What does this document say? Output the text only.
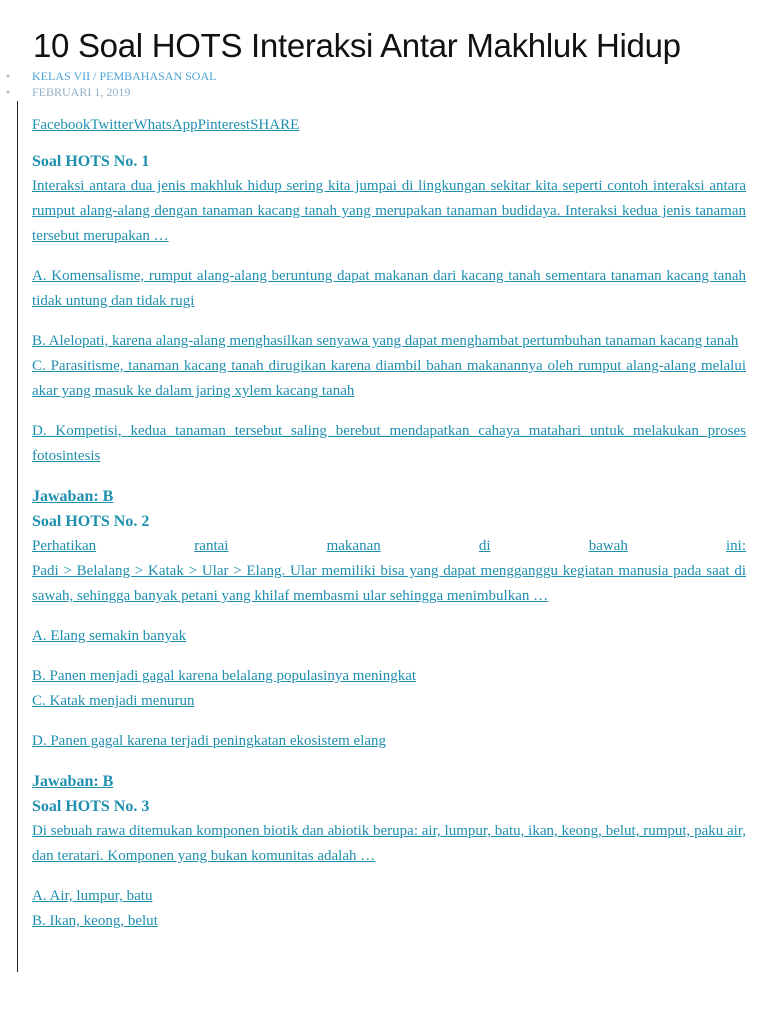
10 Soal HOTS Interaksi Antar Makhluk Hidup
• KELAS VII / PEMBAHASAN SOAL
• FEBRUARI 1, 2019
FacebookTwitterWhatsAppPinterestSHARE
Soal HOTS No. 1

Interaksi antara dua jenis makhluk hidup sering kita jumpai di lingkungan sekitar kita seperti contoh interaksi antara rumput alang-alang dengan tanaman kacang tanah yang merupakan tanaman budidaya. Interaksi kedua jenis tanaman tersebut merupakan …

A. Komensalisme, rumput alang-alang beruntung dapat makanan dari kacang tanah sementara tanaman kacang tanah tidak untung dan tidak rugi

B. Alelopati, karena alang-alang menghasilkan senyawa yang dapat menghambat pertumbuhan tanaman kacang tanah

C. Parasitisme, tanaman kacang tanah dirugikan karena diambil bahan makanannya oleh rumput alang-alang melalui akar yang masuk ke dalam jaring xylem kacang tanah

D. Kompetisi, kedua tanaman tersebut saling berebut mendapatkan cahaya matahari untuk melakukan proses fotosintesis

Jawaban: B
Soal HOTS No. 2
Perhatikan	rantai	makanan	di	bawah	ini:

Padi > Belalang > Katak > Ular > Elang. Ular memiliki bisa yang dapat mengganggu kegiatan manusia pada saat di sawah, sehingga banyak petani yang khilaf membasmi ular sehingga menimbulkan …

A. Elang semakin banyak

B. Panen menjadi gagal karena belalang populasinya meningkat

C. Katak menjadi menurun

D. Panen gagal karena terjadi peningkatan ekosistem elang

Jawaban: B
Soal HOTS No. 3

Di sebuah rawa ditemukan komponen biotik dan abiotik berupa: air, lumpur, batu, ikan, keong, belut, rumput, paku air, dan teratari. Komponen yang bukan komunitas adalah …

A. Air, lumpur, batu

B. Ikan, keong, belut
